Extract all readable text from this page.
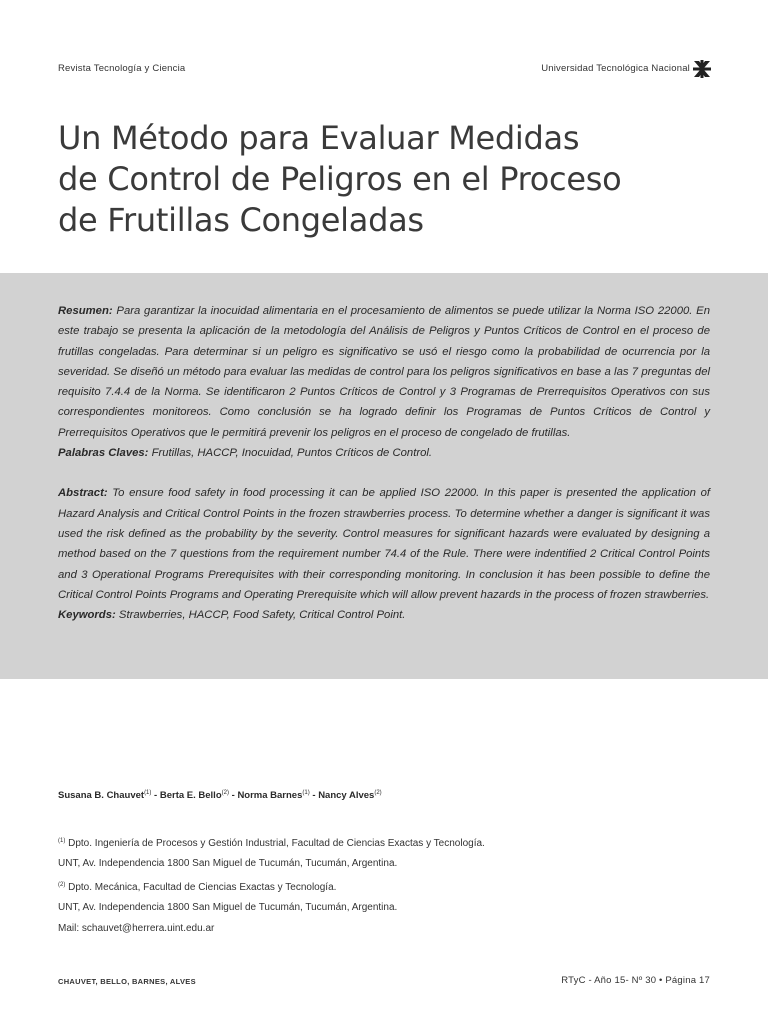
Revista Tecnología y Ciencia	Universidad Tecnológica Nacional
Un Método para Evaluar Medidas
de Control de Peligros en el Proceso
de Frutillas Congeladas

Resumen: Para garantizar la inocuidad alimentaria en el procesamiento de alimentos se puede utilizar la Norma ISO 22000. En este trabajo se presenta la aplicación de la metodología del Análisis de Peligros y Puntos Críticos de Control en el proceso de frutillas congeladas. Para determinar si un peligro es significativo se usó el riesgo como la probabilidad de ocurrencia por la severidad. Se diseñó un método para evaluar las medidas de control para los peligros significativos en base a las 7 preguntas del requisito 7.4.4 de la Norma. Se identificaron 2 Puntos Críticos de Control y 3 Programas de Prerrequisitos Operativos con sus correspondientes monitoreos. Como conclusión se ha logrado definir los Programas de Puntos Críticos de Control y Prerrequisitos Operativos que le permitirá prevenir los peligros en el proceso de congelado de frutillas.

Palabras Claves: Frutillas, HACCP, Inocuidad, Puntos Críticos de Control.

Abstract: To ensure food safety in food processing it can be applied ISO 22000. In this paper is presented the application of Hazard Analysis and Critical Control Points in the frozen strawberries process. To determine whether a danger is significant it was used the risk defined as the probability by the severity. Control measures for significant hazards were evaluated by designing a method based on the 7 questions from the requirement number 74.4 of the Rule. There were indentified 2 Critical Control Points and 3 Operational Programs Prerequisites with their corresponding monitoring. In conclusion it has been possible to define the Critical Control Points Programs and Operating Prerequisite which will allow prevent hazards in the process of frozen strawberries.

Keywords: Strawberries, HACCP, Food Safety, Critical Control Point.

Susana B. Chauvet$^{(1)}$ - Berta E. Bello$^{(2)}$ - Norma Barnes$^{(1)}$ - Nancy Alves$^{(2)}$
$^{(1)}$ Dpto. Ingeniería de Procesos y Gestión Industrial, Facultad de Ciencias Exactas y Tecnología.
UNT, Av. Independencia 1800 San Miguel de Tucumán, Tucumán, Argentina.
$^{(2)}$ Dpto. Mecánica, Facultad de Ciencias Exactas y Tecnología.
UNT, Av. Independencia 1800 San Miguel de Tucumán, Tucumán, Argentina.
Mail: schauvet@herrera.uint.edu.ar
CHAUVET, BELLO, BARNES, ALVES	RTyC - Año 15- Nº 30 • Página 17
